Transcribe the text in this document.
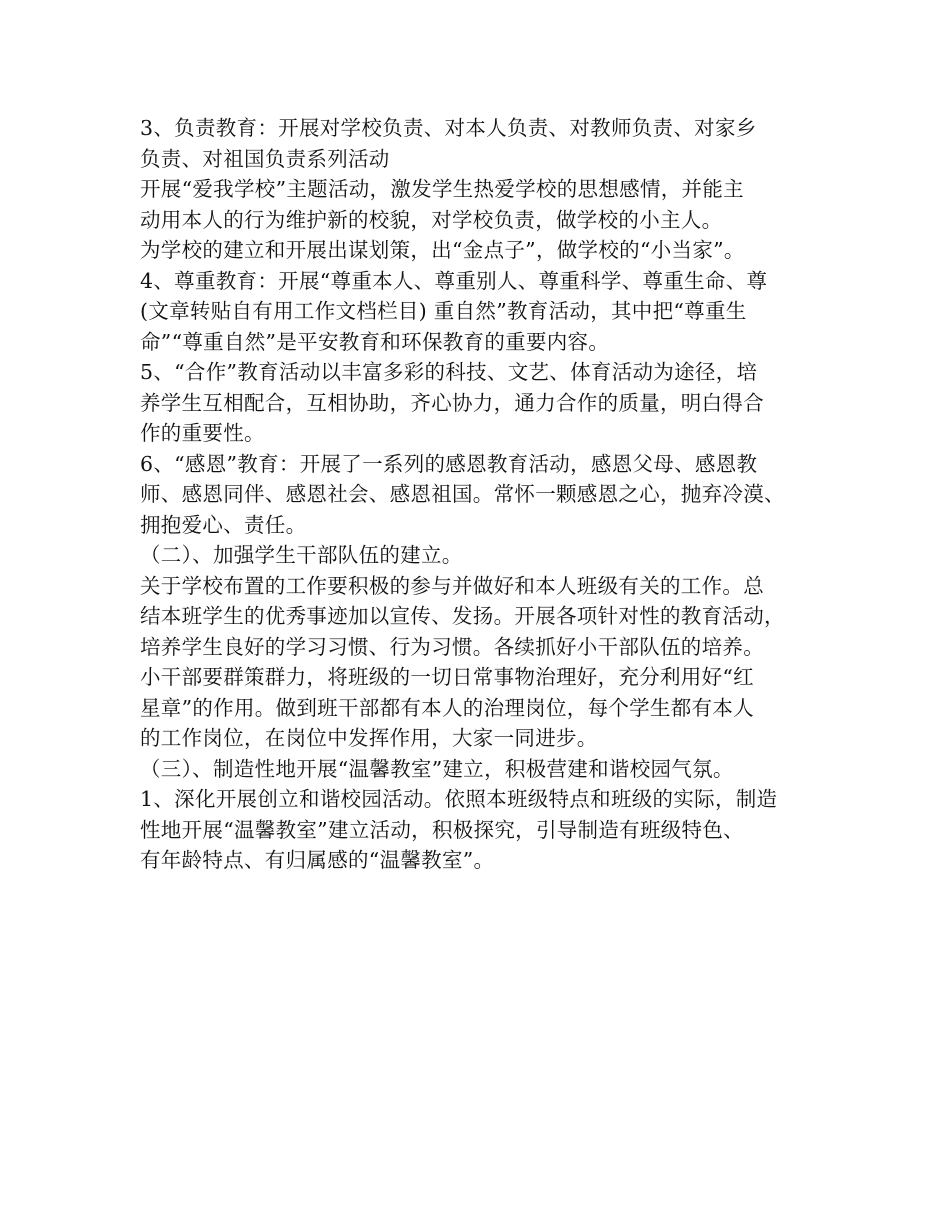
3、负责教育：开展对学校负责、对本人负责、对教师负责、对家乡
负责、对祖国负责系列活动
开展“爱我学校”主题活动，激发学生热爱学校的思想感情，并能主
动用本人的行为维护新的校貌，对学校负责，做学校的小主人。
为学校的建立和开展出谋划策，出“金点子”，做学校的“小当家”。
4、尊重教育：开展“尊重本人、尊重别人、尊重科学、尊重生命、尊
(文章转贴自有用工作文档栏目) 重自然”教育活动，其中把“尊重生
命”“尊重自然”是平安教育和环保教育的重要内容。
5、“合作”教育活动以丰富多彩的科技、文艺、体育活动为途径，培
养学生互相配合，互相协助，齐心协力，通力合作的质量，明白得合
作的重要性。
6、“感恩”教育：开展了一系列的感恩教育活动，感恩父母、感恩教
师、感恩同伴、感恩社会、感恩祖国。常怀一颗感恩之心，抛弃冷漠、
拥抱爱心、责任。
（二）、加强学生干部队伍的建立。
关于学校布置的工作要积极的参与并做好和本人班级有关的工作。总
结本班学生的优秀事迹加以宣传、发扬。开展各项针对性的教育活动，
培养学生良好的学习习惯、行为习惯。各续抓好小干部队伍的培养。
小干部要群策群力，将班级的一切日常事物治理好，充分利用好“红
星章”的作用。做到班干部都有本人的治理岗位，每个学生都有本人
的工作岗位，在岗位中发挥作用，大家一同进步。
（三）、制造性地开展“温馨教室”建立，积极营建和谐校园气氛。
1、深化开展创立和谐校园活动。依照本班级特点和班级的实际，制造
性地开展“温馨教室”建立活动，积极探究，引导制造有班级特色、
有年龄特点、有归属感的“温馨教室”。
